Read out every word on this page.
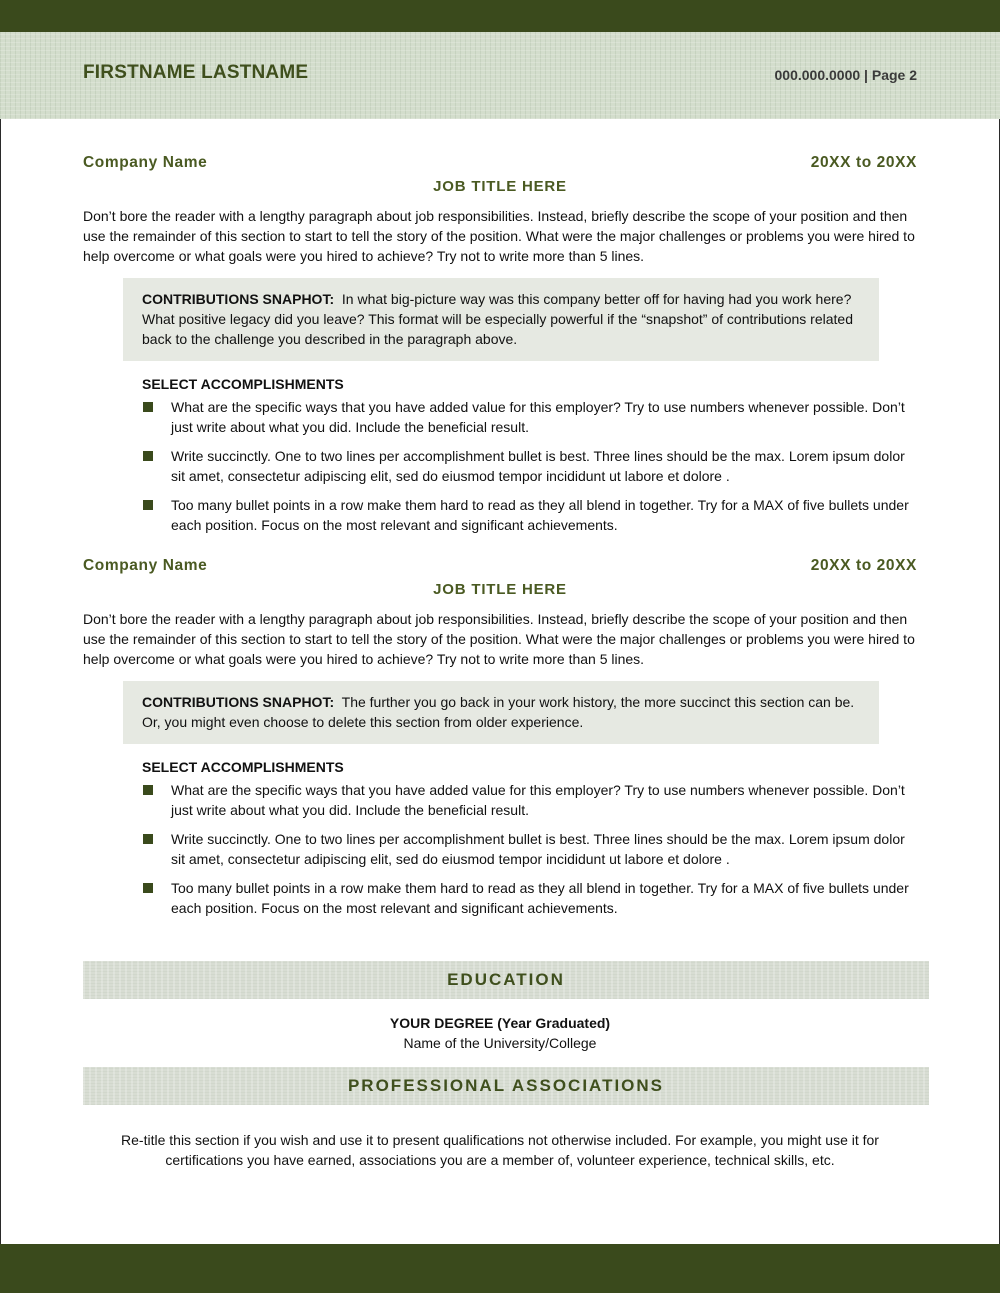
FIRSTNAME LASTNAME	000.000.0000 | Page 2
Company Name	20XX to 20XX
JOB TITLE HERE
Don’t bore the reader with a lengthy paragraph about job responsibilities. Instead, briefly describe the scope of your position and then use the remainder of this section to start to tell the story of the position. What were the major challenges or problems you were hired to help overcome or what goals were you hired to achieve? Try not to write more than 5 lines.
CONTRIBUTIONS SNAPHOT: In what big-picture way was this company better off for having had you work here? What positive legacy did you leave? This format will be especially powerful if the “snapshot” of contributions related back to the challenge you described in the paragraph above.
SELECT ACCOMPLISHMENTS
What are the specific ways that you have added value for this employer? Try to use numbers whenever possible. Don’t just write about what you did. Include the beneficial result.
Write succinctly. One to two lines per accomplishment bullet is best. Three lines should be the max. Lorem ipsum dolor sit amet, consectetur adipiscing elit, sed do eiusmod tempor incididunt ut labore et dolore .
Too many bullet points in a row make them hard to read as they all blend in together. Try for a MAX of five bullets under each position. Focus on the most relevant and significant achievements.
Company Name	20XX to 20XX
JOB TITLE HERE
Don’t bore the reader with a lengthy paragraph about job responsibilities. Instead, briefly describe the scope of your position and then use the remainder of this section to start to tell the story of the position. What were the major challenges or problems you were hired to help overcome or what goals were you hired to achieve? Try not to write more than 5 lines.
CONTRIBUTIONS SNAPHOT: The further you go back in your work history, the more succinct this section can be. Or, you might even choose to delete this section from older experience.
SELECT ACCOMPLISHMENTS
What are the specific ways that you have added value for this employer? Try to use numbers whenever possible. Don’t just write about what you did. Include the beneficial result.
Write succinctly. One to two lines per accomplishment bullet is best. Three lines should be the max. Lorem ipsum dolor sit amet, consectetur adipiscing elit, sed do eiusmod tempor incididunt ut labore et dolore .
Too many bullet points in a row make them hard to read as they all blend in together. Try for a MAX of five bullets under each position. Focus on the most relevant and significant achievements.
EDUCATION
YOUR DEGREE (Year Graduated)
Name of the University/College
PROFESSIONAL ASSOCIATIONS
Re-title this section if you wish and use it to present qualifications not otherwise included. For example, you might use it for certifications you have earned, associations you are a member of, volunteer experience, technical skills, etc.
